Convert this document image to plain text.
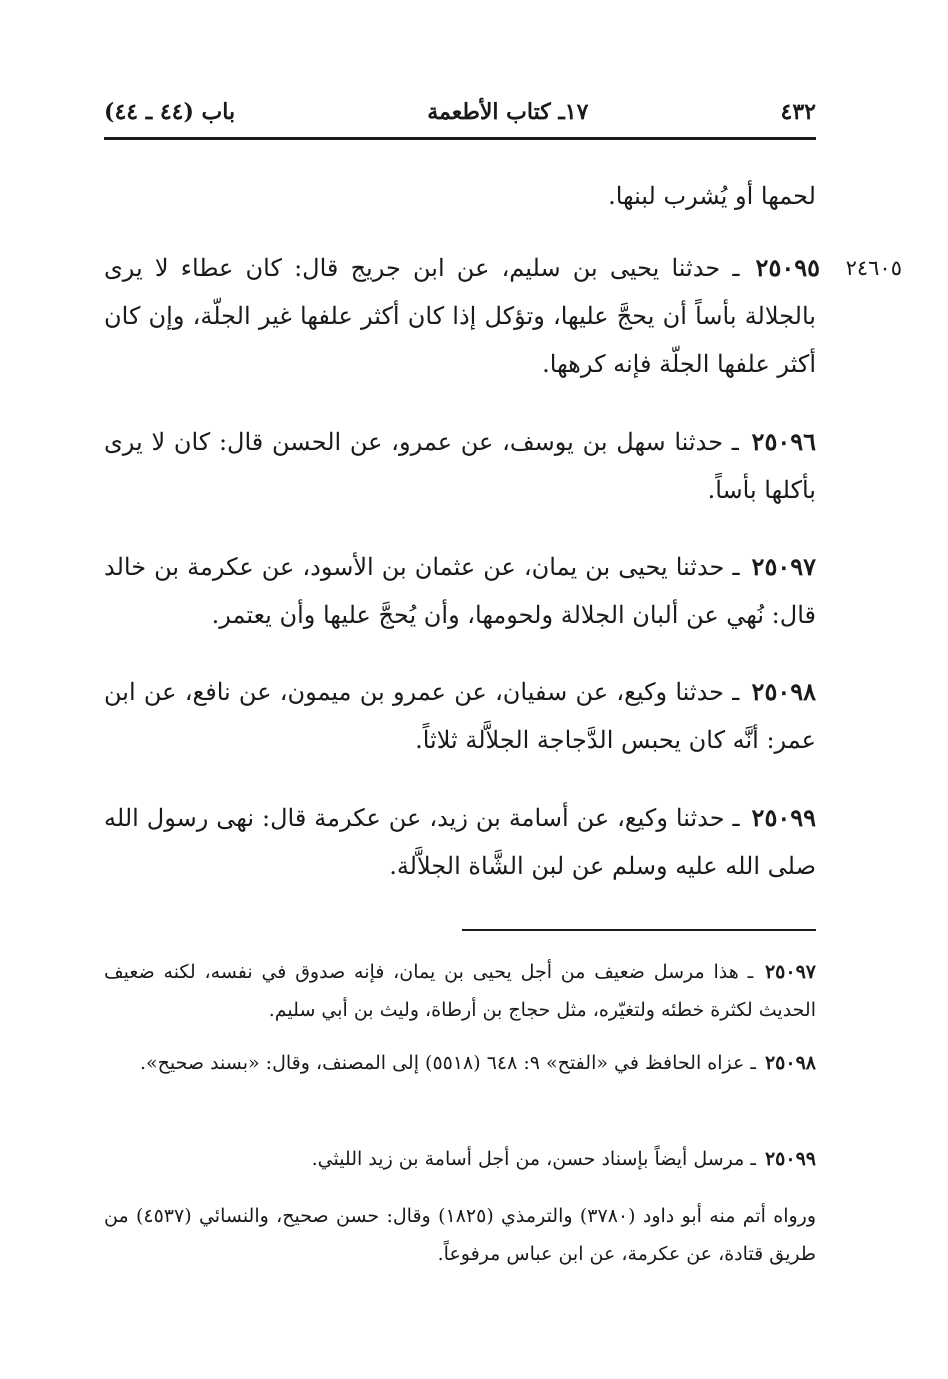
٤٣٢
١٧ـ كتاب الأطعمة
باب (٤٤ ـ ٤٤)
لحمها أو يُشرب لبنها.
٢٤٦٠٥
٢٥٠٩٥ ـ حدثنا يحيى بن سليم، عن ابن جريج قال: كان عطاء لا يرى بالجلالة بأساً أن يحجَّ عليها، وتؤكل إذا كان أكثر علفها غير الجلّة، وإن كان أكثر علفها الجلّة فإنه كرهها.
٢٥٠٩٦ ـ حدثنا سهل بن يوسف، عن عمرو، عن الحسن قال: كان لا يرى بأكلها بأساً.
٢٥٠٩٧ ـ حدثنا يحيى بن يمان، عن عثمان بن الأسود، عن عكرمة بن خالد قال: نُهي عن ألبان الجلالة ولحومها، وأن يُحجَّ عليها وأن يعتمر.
٢٥٠٩٨ ـ حدثنا وكيع، عن سفيان، عن عمرو بن ميمون، عن نافع، عن ابن عمر: أنَّه كان يحبس الدَّجاجة الجلاَّلة ثلاثاً.
٢٥٠٩٩ ـ حدثنا وكيع، عن أسامة بن زيد، عن عكرمة قال: نهى رسول الله صلى الله عليه وسلم عن لبن الشَّاة الجلاَّلة.
٢٥٠٩٧ ـ هذا مرسل ضعيف من أجل يحيى بن يمان، فإنه صدوق في نفسه، لكنه ضعيف الحديث لكثرة خطئه ولتغيّره، مثل حجاج بن أرطاة، وليث بن أبي سليم.
٢٥٠٩٨ ـ عزاه الحافظ في «الفتح» ٩: ٦٤٨ (٥٥١٨) إلى المصنف، وقال: «بسند صحيح».
٢٥٠٩٩ ـ مرسل أيضاً بإسناد حسن، من أجل أسامة بن زيد الليثي.
ورواه أتم منه أبو داود (٣٧٨٠) والترمذي (١٨٢٥) وقال: حسن صحيح، والنسائي (٤٥٣٧) من طريق قتادة، عن عكرمة، عن ابن عباس مرفوعاً.
